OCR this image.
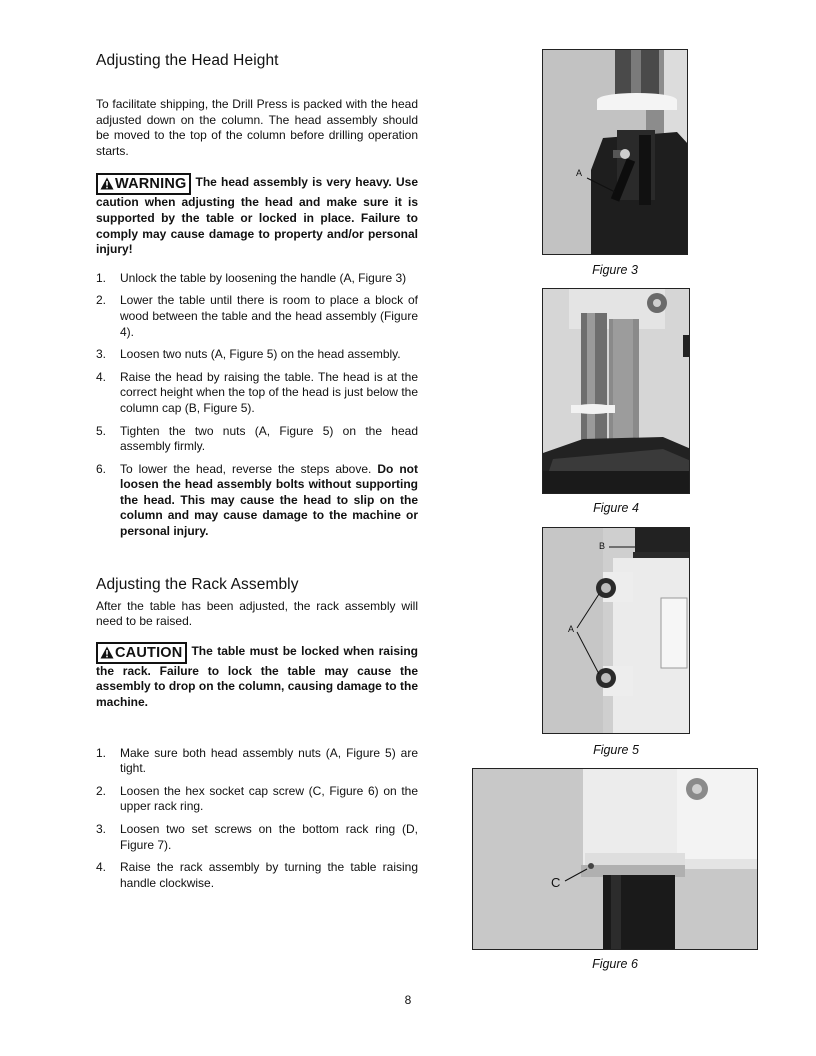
Adjusting the Head Height

To facilitate shipping, the Drill Press is packed with the head adjusted down on the column. The head assembly should be moved to the top of the column before drilling operation starts.

WARNING The head assembly is very heavy. Use caution when adjusting the head and make sure it is supported by the table or locked in place. Failure to comply may cause damage to property and/or personal injury!

1. Unlock the table by loosening the handle (A, Figure 3)
2. Lower the table until there is room to place a block of wood between the table and the head assembly (Figure 4).
3. Loosen two nuts (A, Figure 5) on the head assembly.
4. Raise the head by raising the table. The head is at the correct height when the top of the head is just below the column cap (B, Figure 5).
5. Tighten the two nuts (A, Figure 5) on the head assembly firmly.
6. To lower the head, reverse the steps above. Do not loosen the head assembly bolts without supporting the head. This may cause the head to slip on the column and may cause damage to the machine or personal injury.
Adjusting the Rack Assembly

After the table has been adjusted, the rack assembly will need to be raised.

CAUTION The table must be locked when raising the rack. Failure to lock the table may cause the assembly to drop on the column, causing damage to the machine.

1. Make sure both head assembly nuts (A, Figure 5) are tight.
2. Loosen the hex socket cap screw (C, Figure 6) on the upper rack ring.
3. Loosen two set screws on the bottom rack ring (D, Figure 7).
4. Raise the rack assembly by turning the table raising handle clockwise.
A
Figure 3
Figure 4
A
B
Figure 5
C
Figure 6
8
